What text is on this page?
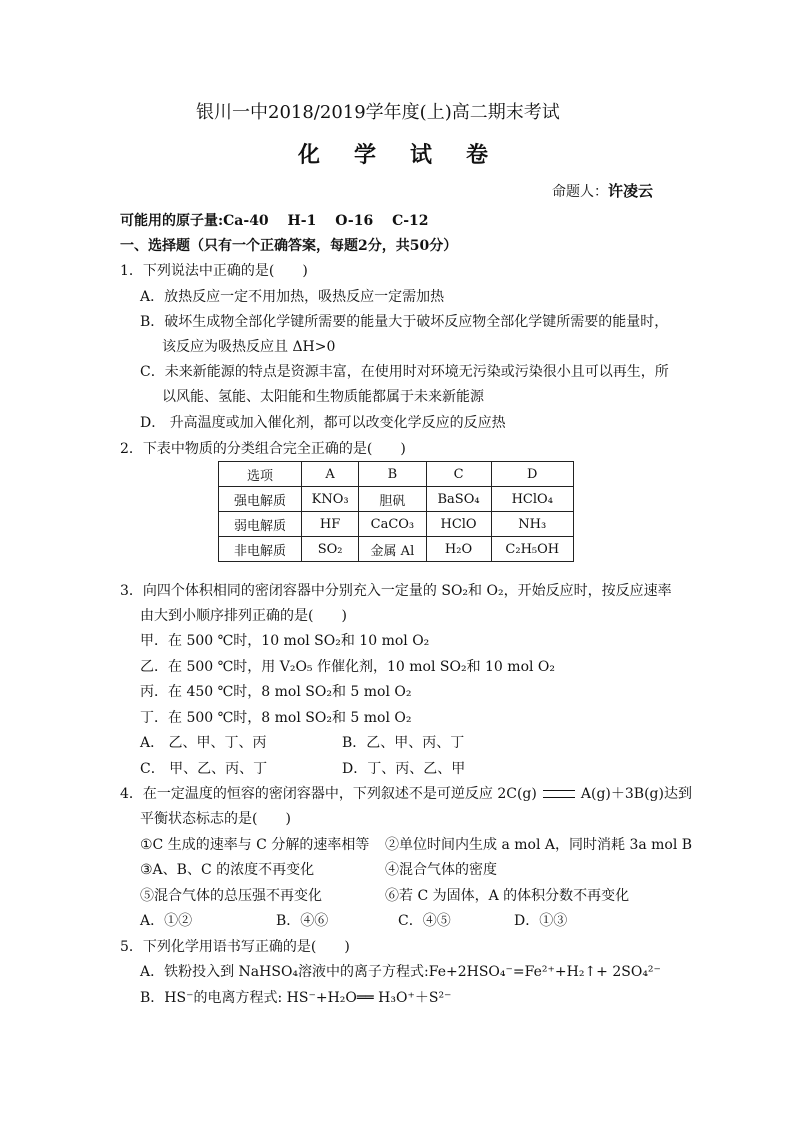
银川一中2018/2019学年度(上)高二期末考试
化学试卷
命题人：许凌云
可能用的原子量:Ca-40　 H-1　 O-16　 C-12
一、选择题（只有一个正确答案，每题2分，共50分）
1．下列说法中正确的是(　　)
A．放热反应一定不用加热，吸热反应一定需加热
B．破坏生成物全部化学键所需要的能量大于破坏反应物全部化学键所需要的能量时，
该反应为吸热反应且 ΔH>0
C．未来新能源的特点是资源丰富，在使用时对环境无污染或污染很小且可以再生，所
以风能、氢能、太阳能和生物质能都属于未来新能源
D． 升高温度或加入催化剂，都可以改变化学反应的反应热
2．下表中物质的分类组合完全正确的是(　　)
选项	A	B	C	D
强电解质	KNO₃	胆矾	BaSO₄	HClO₄
弱电解质	HF	CaCO₃	HClO	NH₃
非电解质	SO₂	金属 Al	H₂O	C₂H₅OH
3．向四个体积相同的密闭容器中分别充入一定量的 SO₂和 O₂，开始反应时，按反应速率
由大到小顺序排列正确的是(　　)
甲．在 500 ℃时，10 mol SO₂和 10 mol O₂
乙．在 500 ℃时，用 V₂O₅ 作催化剂，10 mol SO₂和 10 mol O₂
丙．在 450 ℃时，8 mol SO₂和 5 mol O₂
丁．在 500 ℃时，8 mol SO₂和 5 mol O₂
A． 乙、甲、丁、丙	B．乙、甲、丙、丁
C． 甲、乙、丙、丁	D．丁、丙、乙、甲
4．在一定温度的恒容的密闭容器中，下列叙述不是可逆反应 2C(g)	A(g)＋3B(g)达到
平衡状态标志的是(　　)
①C 生成的速率与 C 分解的速率相等 ②单位时间内生成 a mol A，同时消耗 3a mol B
③A、B、C 的浓度不再变化	④混合气体的密度
⑤混合气体的总压强不再变化	⑥若 C 为固体，A 的体积分数不再变化
A．①②	B．④⑥	C．④⑤	D．①③
5．下列化学用语书写正确的是(　　)
A．铁粉投入到 NaHSO₄溶液中的离子方程式:Fe+2HSO₄⁻=Fe²⁺+H₂↑+ 2SO₄²⁻
B．HS⁻的电离方程式: HS⁻+H₂O══ H₃O⁺＋S²⁻
